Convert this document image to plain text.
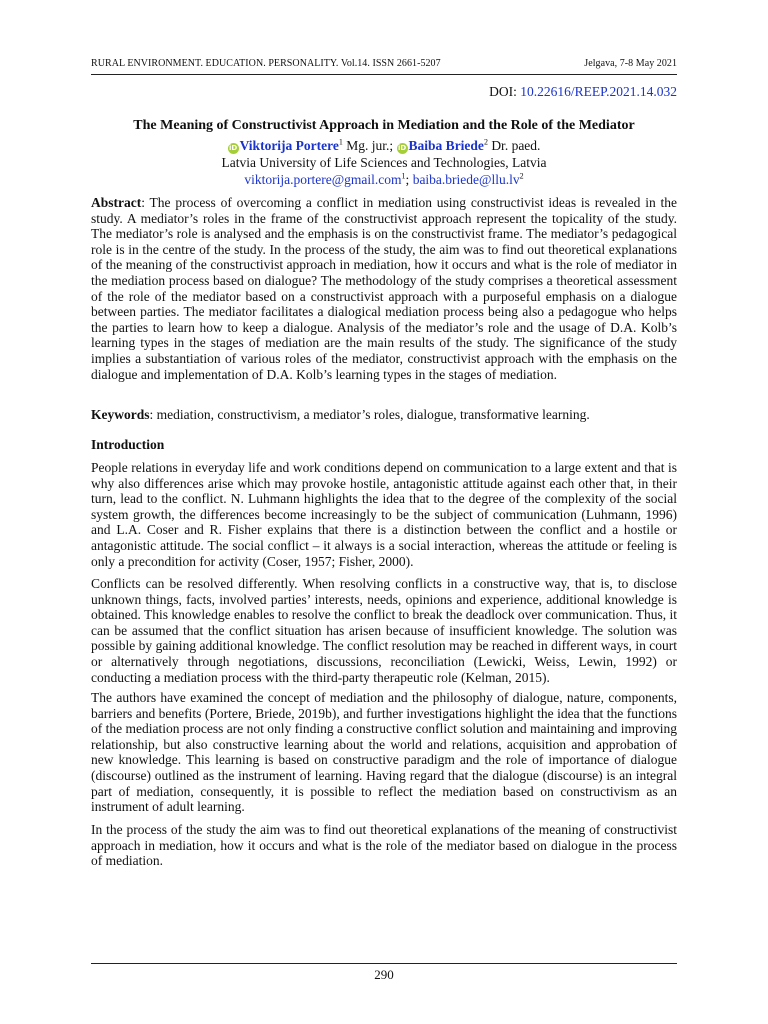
RURAL ENVIRONMENT. EDUCATION. PERSONALITY. Vol.14. ISSN 2661-5207	Jelgava, 7-8 May 2021
DOI: 10.22616/REEP.2021.14.032
The Meaning of Constructivist Approach in Mediation and the Role of the Mediator
iD Viktorija Portere$^1$ Mg. jur.; iD Baiba Briede$^2$ Dr. paed.
Latvia University of Life Sciences and Technologies, Latvia
viktorija.portere@gmail.com$^1$; $baiba.briede@llu.lv^2$

Abstract: The process of overcoming a conflict in mediation using constructivist ideas is revealed in the study. A mediator’s roles in the frame of the constructivist approach represent the topicality of the study. The mediator’s role is analysed and the emphasis is on the constructivist frame. The mediator’s pedagogical role is in the centre of the study. In the process of the study, the aim was to find out theoretical explanations of the meaning of the constructivist approach in mediation, how it occurs and what is the role of mediator in the mediation process based on dialogue? The methodology of the study comprises a theoretical assessment of the role of the mediator based on a constructivist approach with a purposeful emphasis on a dialogue between parties. The mediator facilitates a dialogical mediation process being also a pedagogue who helps the parties to learn how to keep a dialogue. Analysis of the mediator’s role and the usage of D.A. Kolb’s learning types in the stages of mediation are the main results of the study. The significance of the study implies a substantiation of various roles of the mediator, constructivist approach with the emphasis on the dialogue and implementation of D.A. Kolb’s learning types in the stages of mediation.

Keywords: mediation, constructivism, a mediator’s roles, dialogue, transformative learning.

Introduction

People relations in everyday life and work conditions depend on communication to a large extent and that is why also differences arise which may provoke hostile, antagonistic attitude against each other that, in their turn, lead to the conflict. N. Luhmann highlights the idea that to the degree of the complexity of the social system growth, the differences become increasingly to be the subject of communication (Luhmann, 1996) and L.A. Coser and R. Fisher explains that there is a distinction between the conflict and a hostile or antagonistic attitude. The social conflict – it always is a social interaction, whereas the attitude or feeling is only a precondition for activity (Coser, 1957; Fisher, 2000).

Conflicts can be resolved differently. When resolving conflicts in a constructive way, that is, to disclose unknown things, facts, involved parties’ interests, needs, opinions and experience, additional knowledge is obtained. This knowledge enables to resolve the conflict to break the deadlock over communication. Thus, it can be assumed that the conflict situation has arisen because of insufficient knowledge. The solution was possible by gaining additional knowledge. The conflict resolution may be reached in different ways, in court or alternatively through negotiations, discussions, reconciliation (Lewicki, Weiss, Lewin, 1992) or conducting a mediation process with the third-party therapeutic role (Kelman, 2015).

The authors have examined the concept of mediation and the philosophy of dialogue, nature, components, barriers and benefits (Portere, Briede, 2019b), and further investigations highlight the idea that the functions of the mediation process are not only finding a constructive conflict solution and maintaining and improving relationship, but also constructive learning about the world and relations, acquisition and approbation of new knowledge. This learning is based on constructive paradigm and the role of importance of dialogue (discourse) outlined as the instrument of learning. Having regard that the dialogue (discourse) is an integral part of mediation, consequently, it is possible to reflect the mediation based on constructivism as an instrument of adult learning.

In the process of the study the aim was to find out theoretical explanations of the meaning of constructivist approach in mediation, how it occurs and what is the role of the mediator based on dialogue in the process of mediation.

290
